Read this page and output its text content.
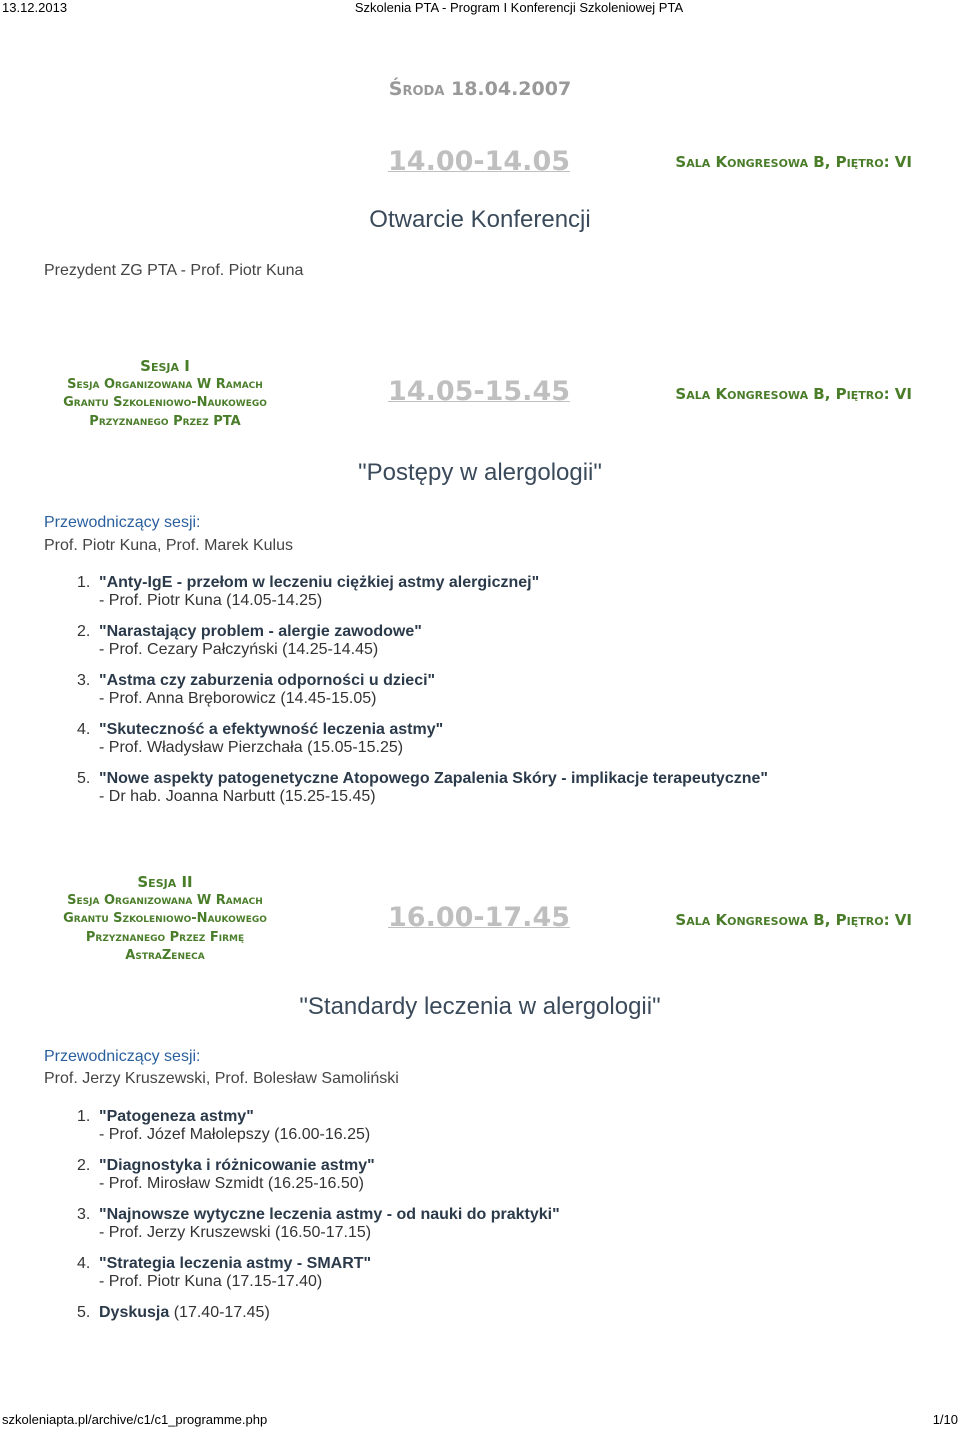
13.12.2013	Szkolenia PTA - Program I Konferencji Szkoleniowej PTA
Środa 18.04.2007
14.00-14.05	Sala Kongresowa B, Piętro: VI
Otwarcie Konferencji
Prezydent ZG PTA - Prof. Piotr Kuna
Sesja I
Sesja Organizowana W Ramach
Grantu Szkoleniowo-Naukowego
Przyznanego Przez PTA
14.05-15.45	Sala Kongresowa B, Piętro: VI
"Postępy w alergologii"
Przewodniczący sesji:
Prof. Piotr Kuna, Prof. Marek Kulus
1. "Anty-IgE - przełom w leczeniu ciężkiej astmy alergicznej"
- Prof. Piotr Kuna (14.05-14.25)
2. "Narastający problem - alergie zawodowe"
- Prof. Cezary Pałczyński (14.25-14.45)
3. "Astma czy zaburzenia odporności u dzieci"
- Prof. Anna Bręborowicz (14.45-15.05)
4. "Skuteczność a efektywność leczenia astmy"
- Prof. Władysław Pierzchała (15.05-15.25)
5. "Nowe aspekty patogenetyczne Atopowego Zapalenia Skóry - implikacje terapeutyczne"
- Dr hab. Joanna Narbutt (15.25-15.45)
Sesja II
Sesja Organizowana W Ramach
Grantu Szkoleniowo-Naukowego
Przyznanego Przez Firmę
AstraZeneca
16.00-17.45	Sala Kongresowa B, Piętro: VI
"Standardy leczenia w alergologii"
Przewodniczący sesji:
Prof. Jerzy Kruszewski, Prof. Bolesław Samoliński
1. "Patogeneza astmy"
- Prof. Józef Małolepszy (16.00-16.25)
2. "Diagnostyka i różnicowanie astmy"
- Prof. Mirosław Szmidt (16.25-16.50)
3. "Najnowsze wytyczne leczenia astmy - od nauki do praktyki"
- Prof. Jerzy Kruszewski (16.50-17.15)
4. "Strategia leczenia astmy - SMART"
- Prof. Piotr Kuna (17.15-17.40)
5. Dyskusja (17.40-17.45)
szkoleniapta.pl/archive/c1/c1_programme.php	1/10
